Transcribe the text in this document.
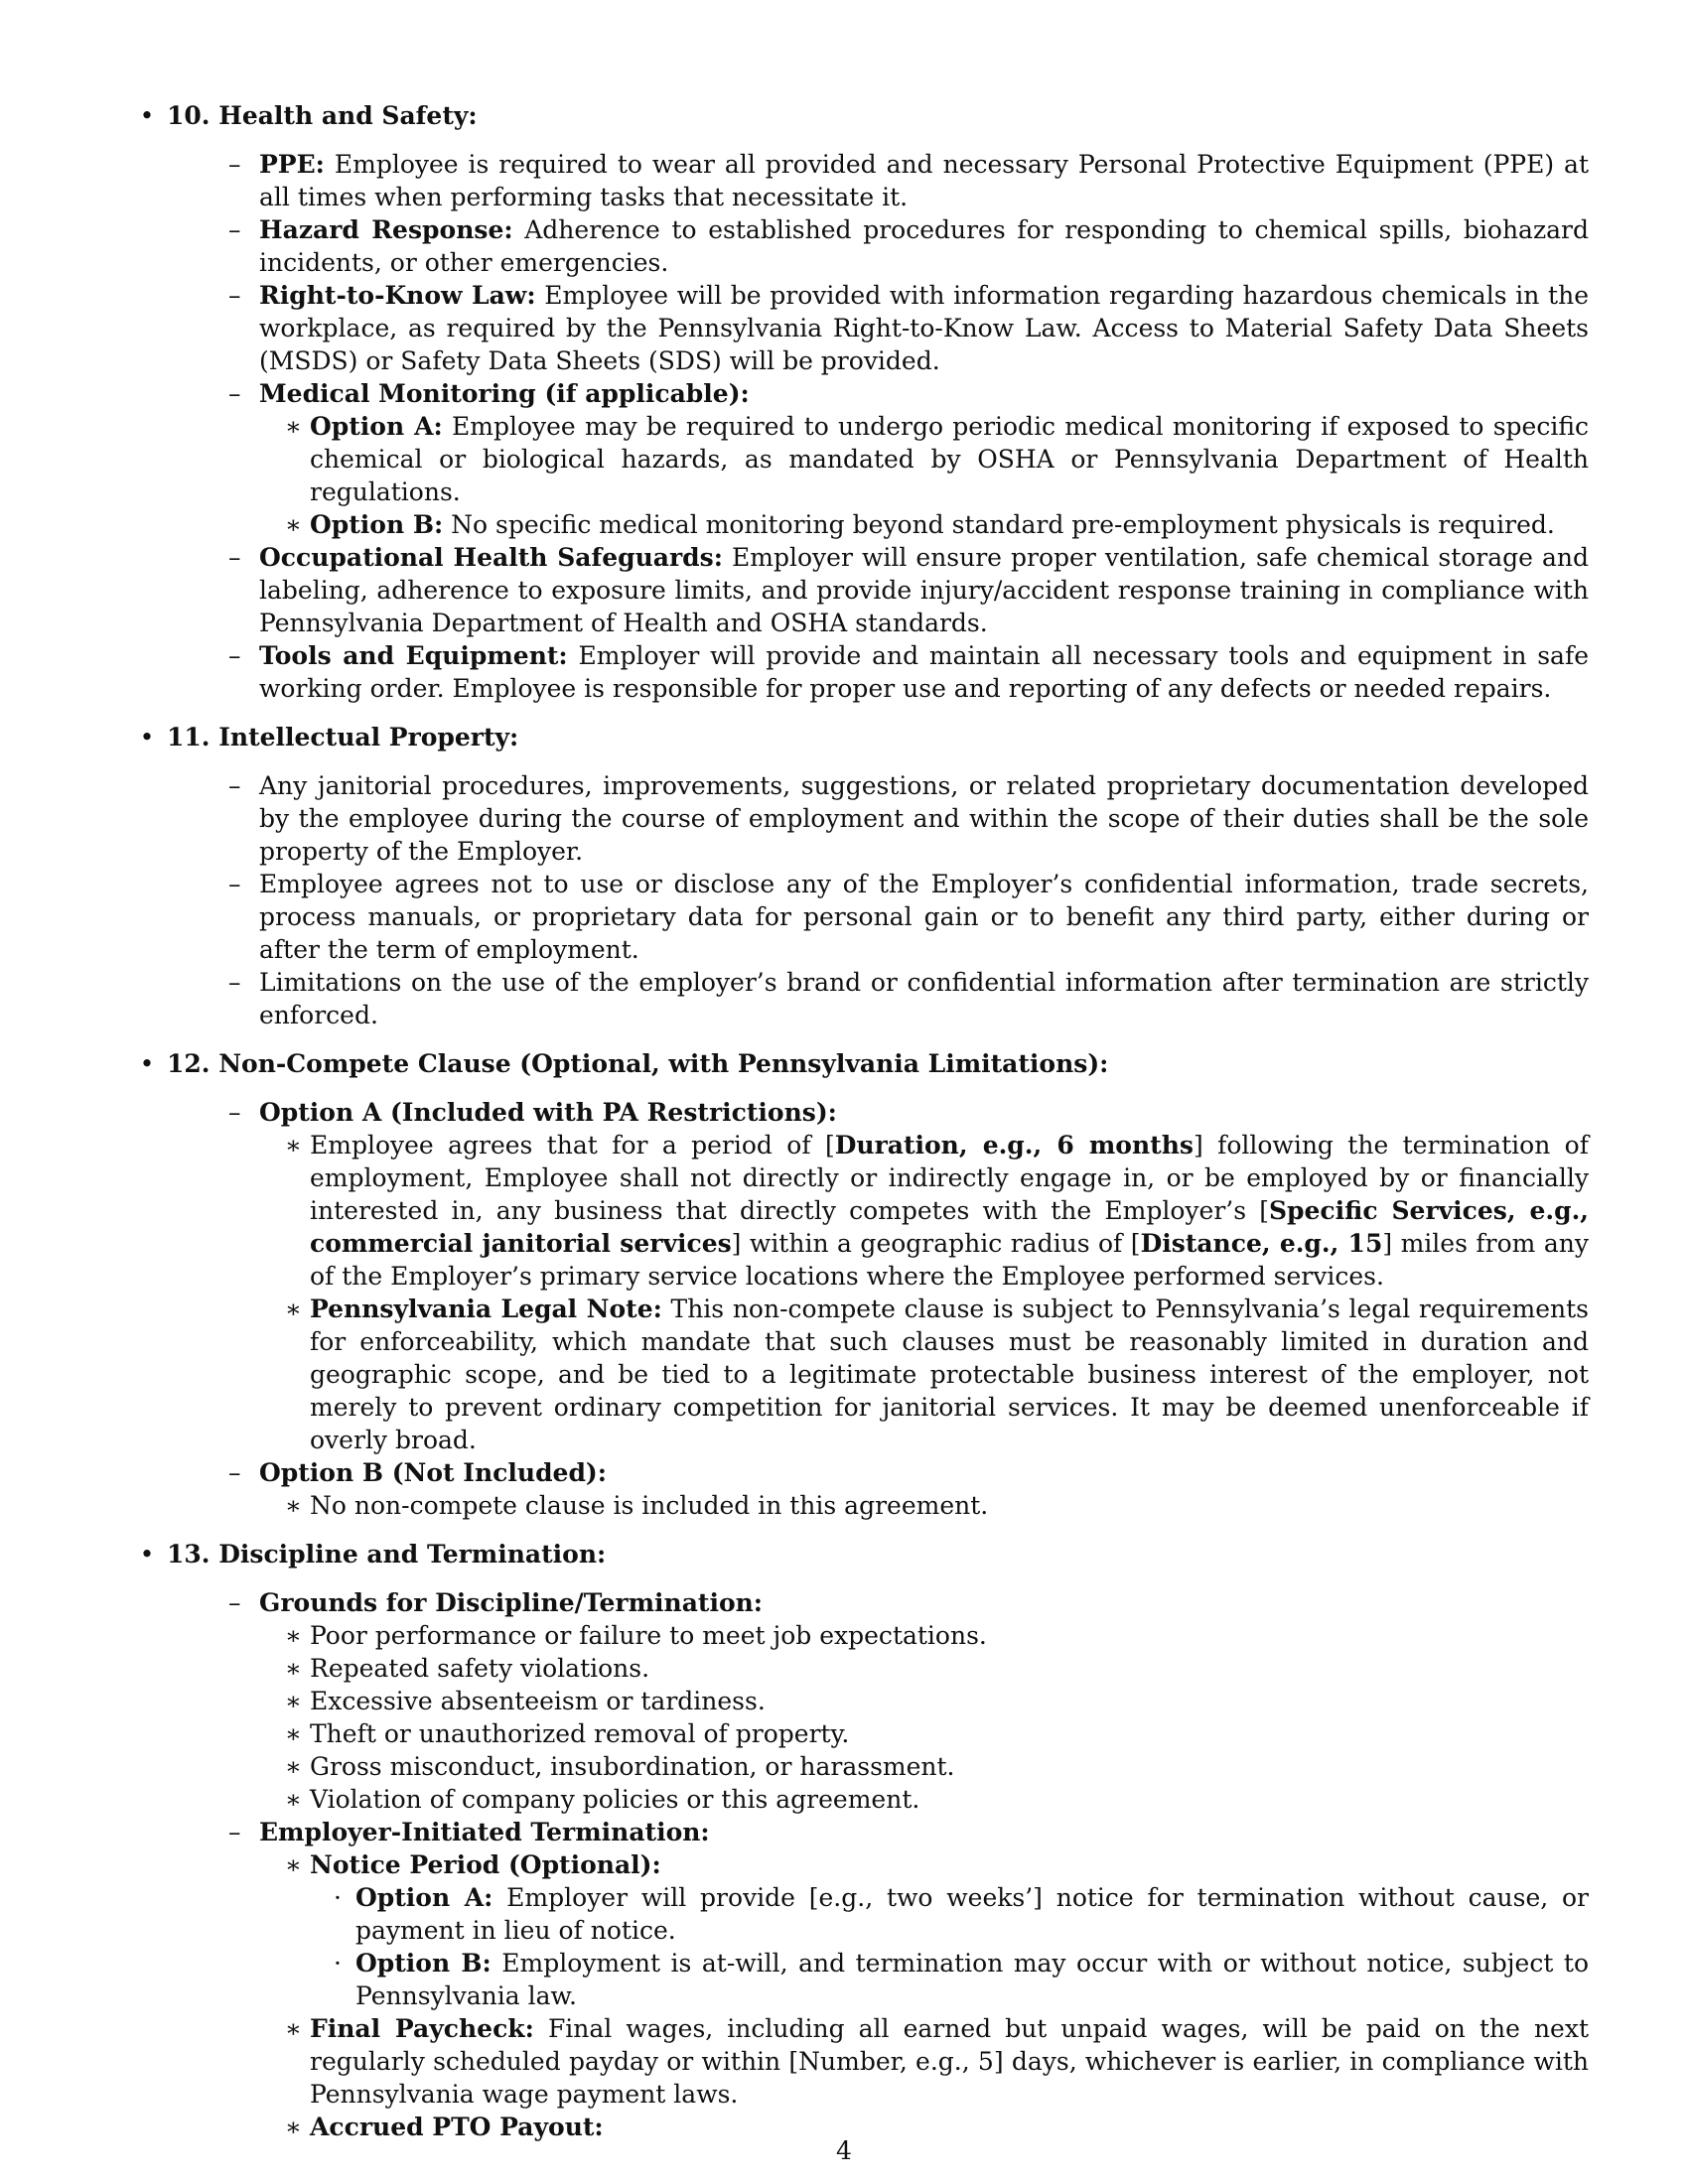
• 10. Health and Safety:
– PPE: Employee is required to wear all provided and necessary Personal Protective Equipment (PPE) at all times when performing tasks that necessitate it.
– Hazard Response: Adherence to established procedures for responding to chemical spills, biohazard incidents, or other emergencies.
– Right-to-Know Law: Employee will be provided with information regarding hazardous chemicals in the workplace, as required by the Pennsylvania Right-to-Know Law. Access to Material Safety Data Sheets (MSDS) or Safety Data Sheets (SDS) will be provided.
– Medical Monitoring (if applicable):
∗ Option A: Employee may be required to undergo periodic medical monitoring if exposed to specific chemical or biological hazards, as mandated by OSHA or Pennsylvania Department of Health regulations.
∗ Option B: No specific medical monitoring beyond standard pre-employment physicals is required.
– Occupational Health Safeguards: Employer will ensure proper ventilation, safe chemical storage and labeling, adherence to exposure limits, and provide injury/accident response training in compliance with Pennsylvania Department of Health and OSHA standards.
– Tools and Equipment: Employer will provide and maintain all necessary tools and equipment in safe working order. Employee is responsible for proper use and reporting of any defects or needed repairs.
• 11. Intellectual Property:
– Any janitorial procedures, improvements, suggestions, or related proprietary documentation developed by the employee during the course of employment and within the scope of their duties shall be the sole property of the Employer.
– Employee agrees not to use or disclose any of the Employer’s confidential information, trade secrets, process manuals, or proprietary data for personal gain or to benefit any third party, either during or after the term of employment.
– Limitations on the use of the employer’s brand or confidential information after termination are strictly enforced.
• 12. Non-Compete Clause (Optional, with Pennsylvania Limitations):
– Option A (Included with PA Restrictions):
∗ Employee agrees that for a period of [Duration, e.g., 6 months] following the termination of employment, Employee shall not directly or indirectly engage in, or be employed by or financially interested in, any business that directly competes with the Employer’s [Specific Services, e.g., commercial janitorial services] within a geographic radius of [Distance, e.g., 15] miles from any of the Employer’s primary service locations where the Employee performed services.
∗ Pennsylvania Legal Note: This non-compete clause is subject to Pennsylvania’s legal requirements for enforceability, which mandate that such clauses must be reasonably limited in duration and geographic scope, and be tied to a legitimate protectable business interest of the employer, not merely to prevent ordinary competition for janitorial services. It may be deemed unenforceable if overly broad.
– Option B (Not Included):
∗ No non-compete clause is included in this agreement.
• 13. Discipline and Termination:
– Grounds for Discipline/Termination:
∗ Poor performance or failure to meet job expectations.
∗ Repeated safety violations.
∗ Excessive absenteeism or tardiness.
∗ Theft or unauthorized removal of property.
∗ Gross misconduct, insubordination, or harassment.
∗ Violation of company policies or this agreement.
– Employer-Initiated Termination:
∗ Notice Period (Optional):
· Option A: Employer will provide [e.g., two weeks’] notice for termination without cause, or payment in lieu of notice.
· Option B: Employment is at-will, and termination may occur with or without notice, subject to Pennsylvania law.
∗ Final Paycheck: Final wages, including all earned but unpaid wages, will be paid on the next regularly scheduled payday or within [Number, e.g., 5] days, whichever is earlier, in compliance with Pennsylvania wage payment laws.
∗ Accrued PTO Payout:
4
